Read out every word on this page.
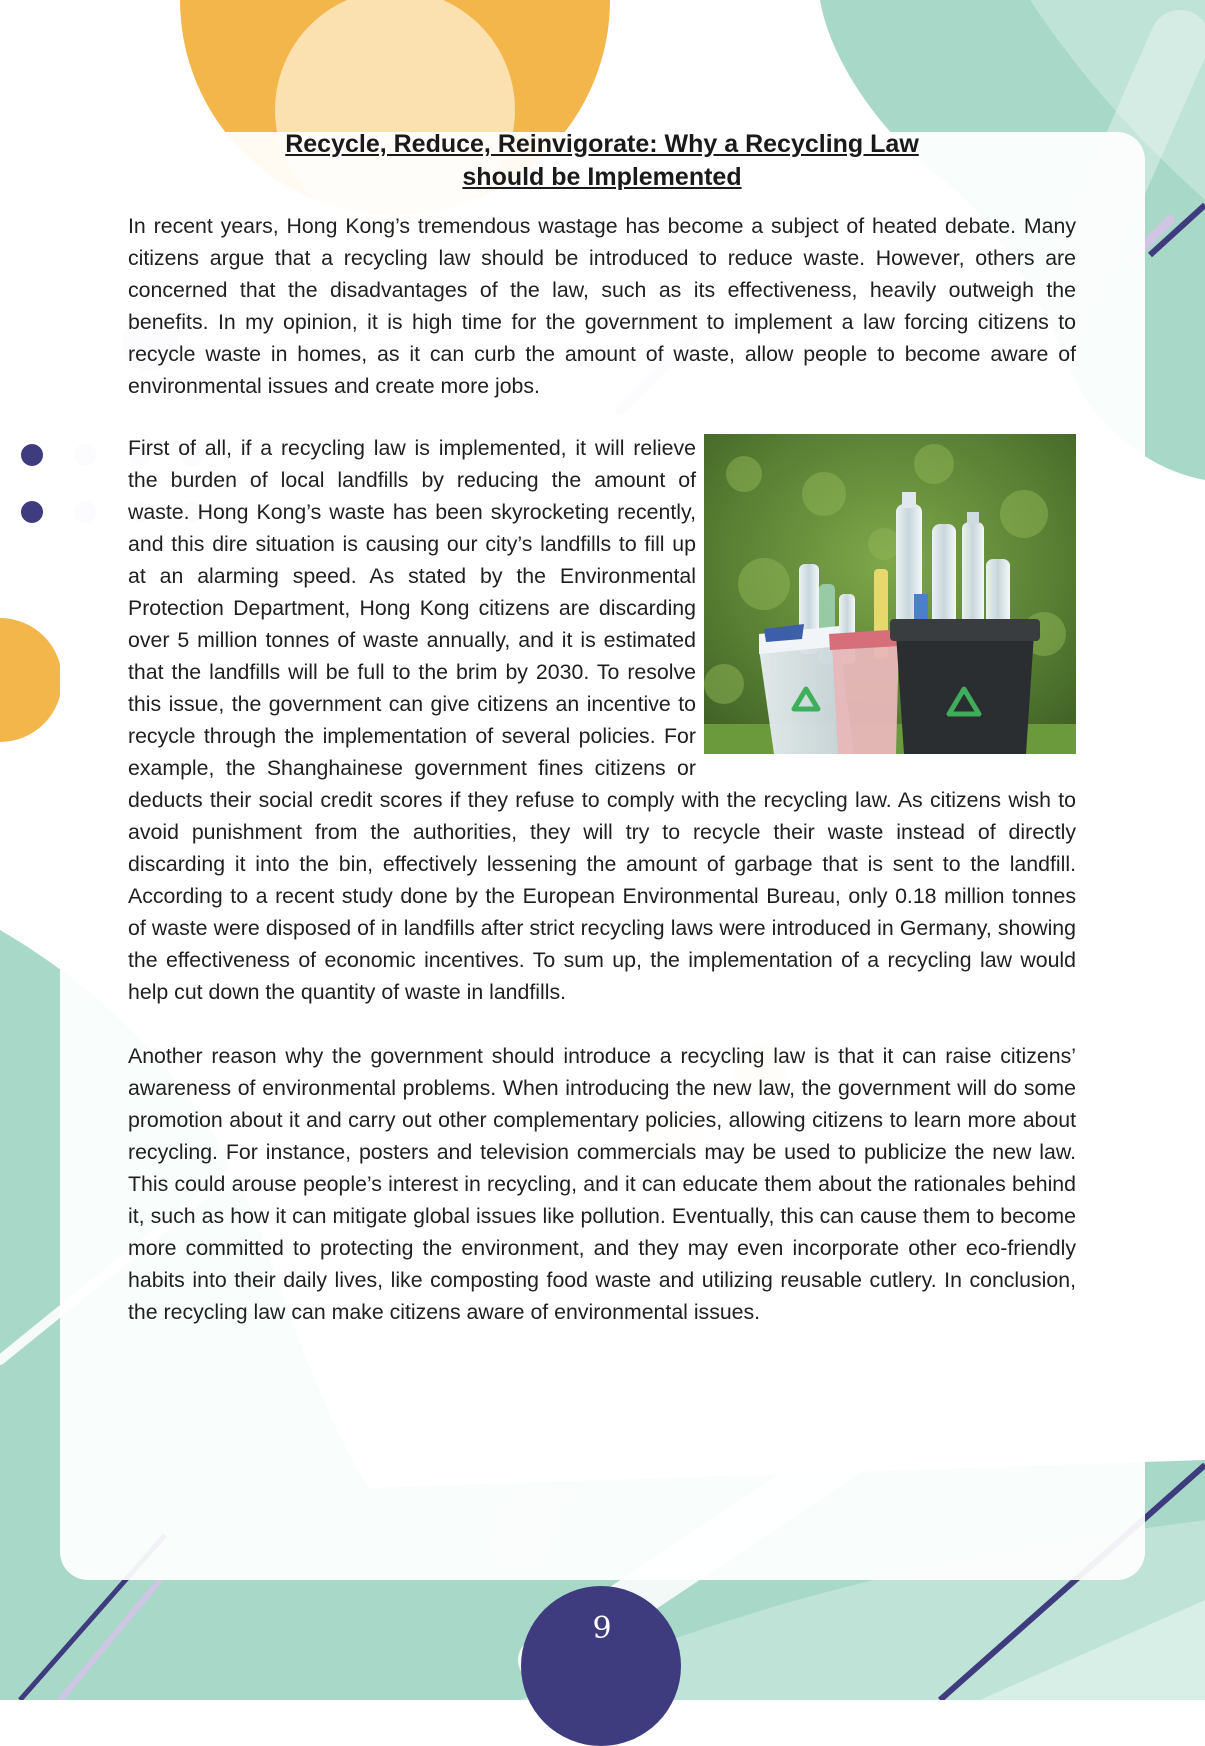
Recycle, Reduce, Reinvigorate: Why a Recycling Law
should be Implemented

In recent years, Hong Kong’s tremendous wastage has become a subject of heated debate. Many citizens argue that a recycling law should be introduced to reduce waste. However, others are concerned that the disadvantages of the law, such as its effectiveness, heavily outweigh the benefits. In my opinion, it is high time for the government to implement a law forcing citizens to recycle waste in homes, as it can curb the amount of waste, allow people to become aware of environmental issues and create more jobs.

First of all, if a recycling law is implemented, it will relieve the burden of local landfills by reducing the amount of waste. Hong Kong’s waste has been skyrocketing recently, and this dire situation is causing our city’s landfills to fill up at an alarming speed. As stated by the Environmental Protection Department, Hong Kong citizens are discarding over 5 million tonnes of waste annually, and it is estimated that the landfills will be full to the brim by 2030. To resolve this issue, the government can give citizens an incentive to recycle through the implementation of several policies. For example, the Shanghainese government fines citizens or deducts their social credit scores if they refuse to comply with the recycling law. As citizens wish to avoid punishment from the authorities, they will try to recycle their waste instead of directly discarding it into the bin, effectively lessening the amount of garbage that is sent to the landfill. According to a recent study done by the European Environmental Bureau, only 0.18 million tonnes of waste were disposed of in landfills after strict recycling laws were introduced in Germany, showing the effectiveness of economic incentives. To sum up, the implementation of a recycling law would help cut down the quantity of waste in landfills.

Another reason why the government should introduce a recycling law is that it can raise citizens’ awareness of environmental problems. When introducing the new law, the government will do some promotion about it and carry out other complementary policies, allowing citizens to learn more about recycling. For instance, posters and television commercials may be used to publicize the new law. This could arouse people’s interest in recycling, and it can educate them about the rationales behind it, such as how it can mitigate global issues like pollution. Eventually, this can cause them to become more committed to protecting the environment, and they may even incorporate other eco-friendly habits into their daily lives, like composting food waste and utilizing reusable cutlery. In conclusion, the recycling law can make citizens aware of environmental issues.

9
